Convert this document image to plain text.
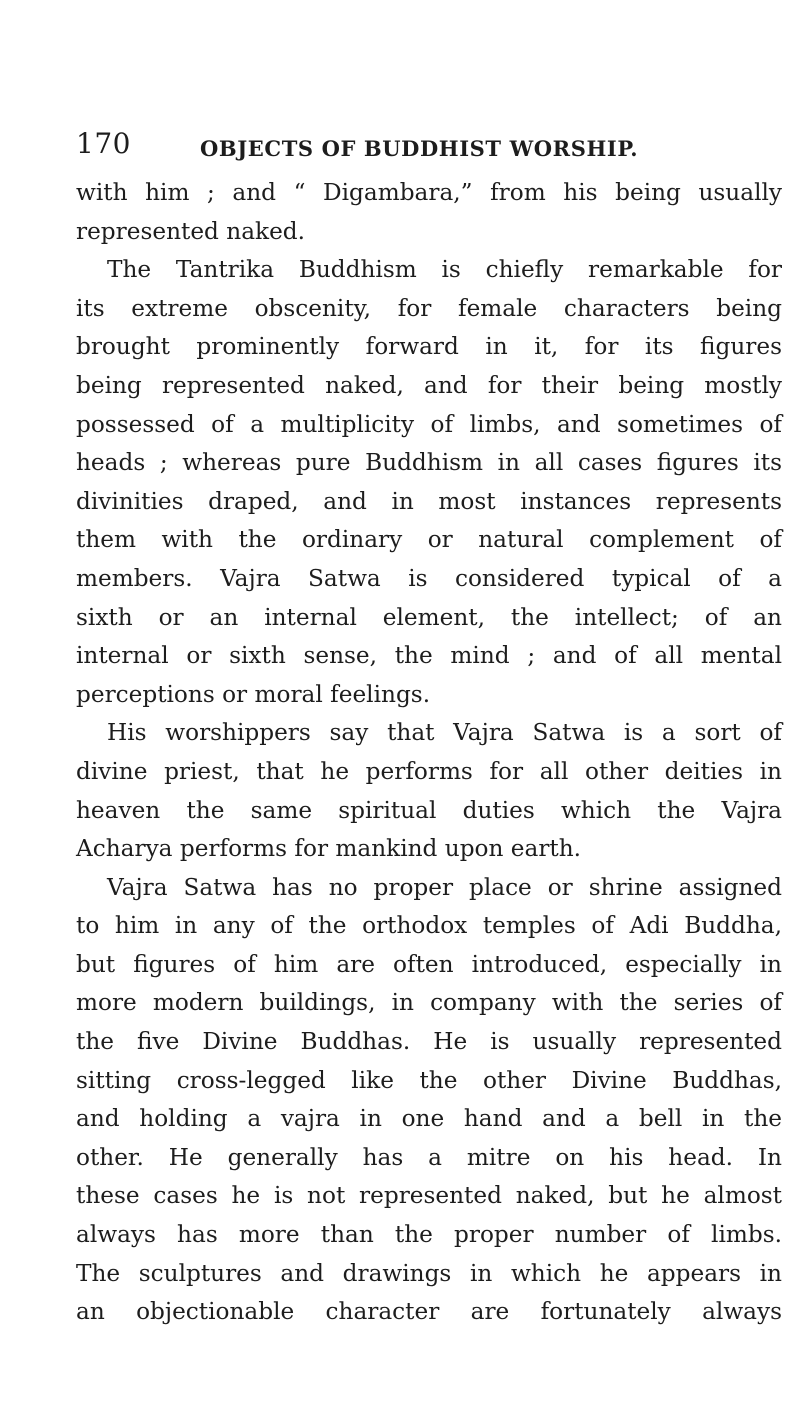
170	OBJECTS OF BUDDHIST WORSHIP.
with him ; and “ Digambara,” from his being usually
represented naked.
The Tantrika Buddhism is chiefly remarkable for
its extreme obscenity, for female characters being
brought prominently forward in it, for its figures
being represented naked, and for their being mostly
possessed of a multiplicity of limbs, and sometimes of
heads ; whereas pure Buddhism in all cases figures its
divinities draped, and in most instances represents
them with the ordinary or natural complement of
members. Vajra Satwa is considered typical of a
sixth or an internal element, the intellect; of an
internal or sixth sense, the mind ; and of all mental
perceptions or moral feelings.
His worshippers say that Vajra Satwa is a sort of
divine priest, that he performs for all other deities in
heaven the same spiritual duties which the Vajra
Acharya performs for mankind upon earth.
Vajra Satwa has no proper place or shrine assigned
to him in any of the orthodox temples of Adi Buddha,
but figures of him are often introduced, especially in
more modern buildings, in company with the series of
the five Divine Buddhas. He is usually represented
sitting cross-legged like the other Divine Buddhas,
and holding a vajra in one hand and a bell in the
other. He generally has a mitre on his head. In
these cases he is not represented naked, but he almost
always has more than the proper number of limbs.
The sculptures and drawings in which he appears in
an objectionable character are fortunately always
